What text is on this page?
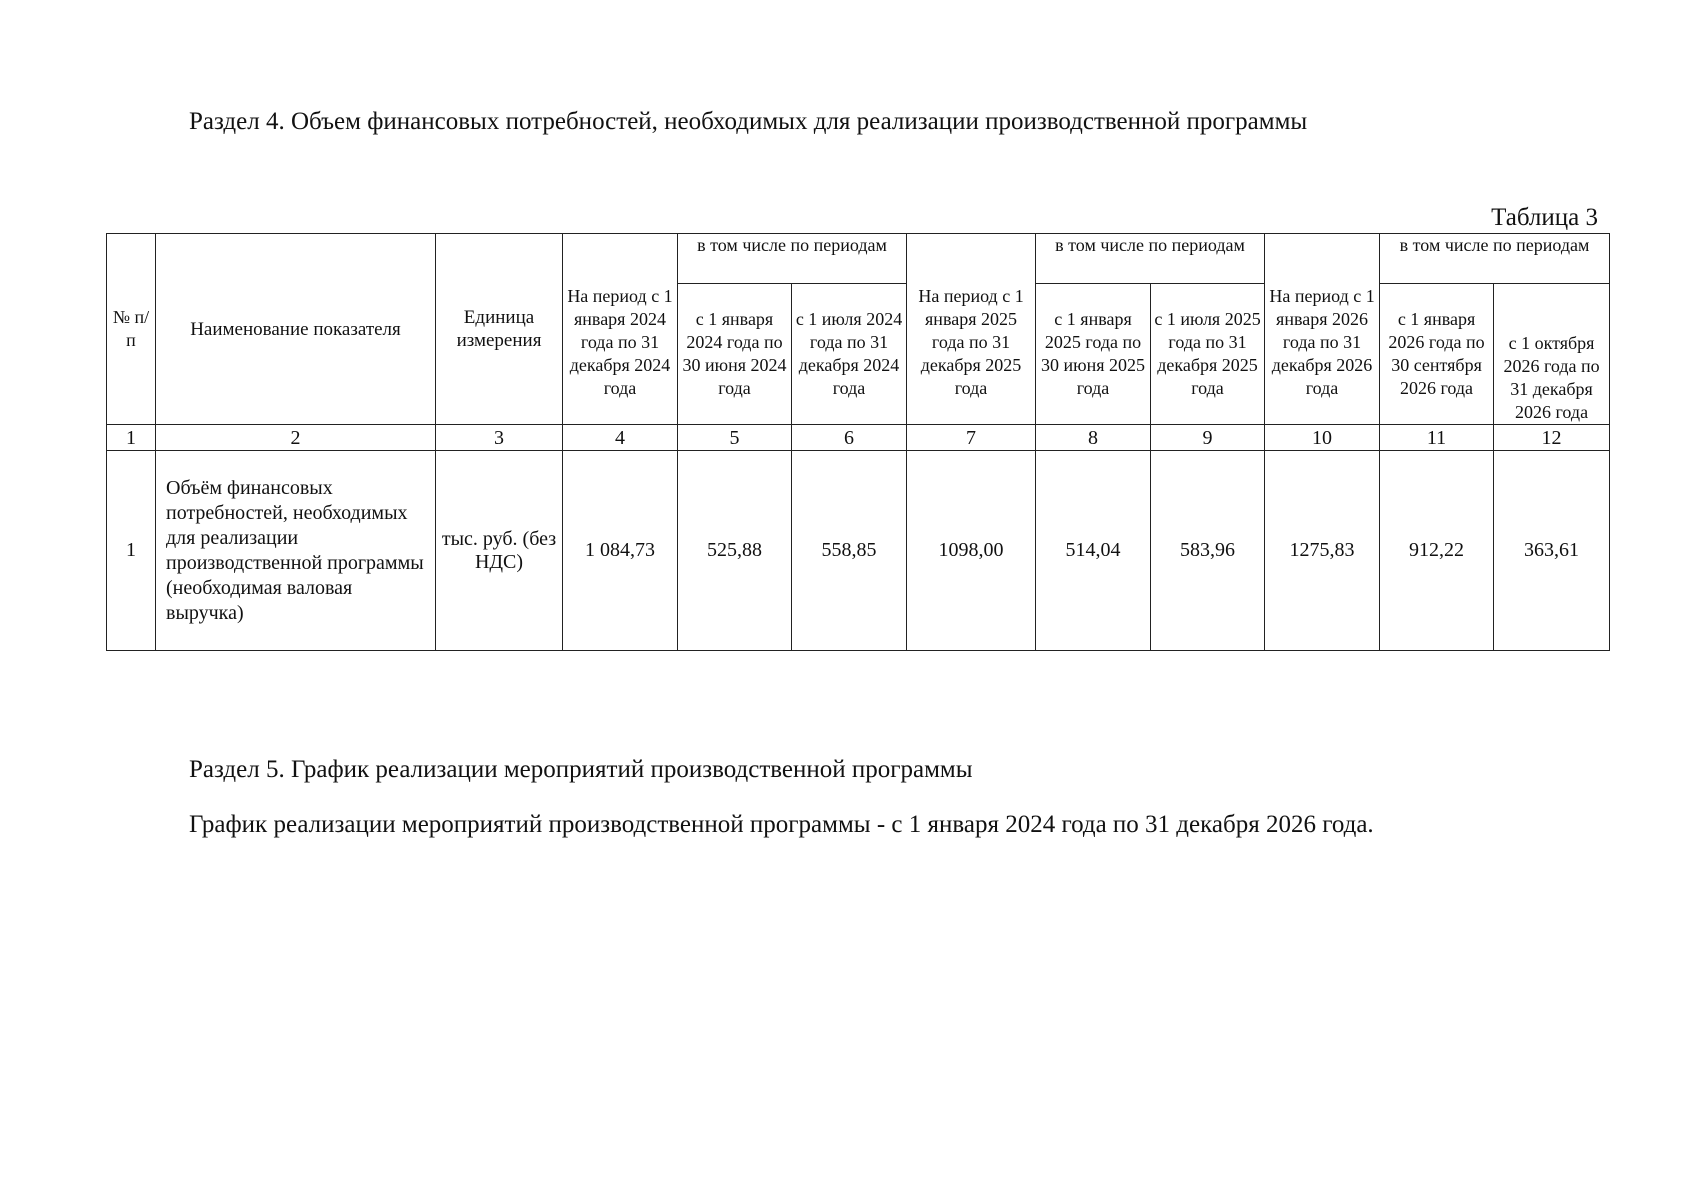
Раздел 4. Объем финансовых потребностей, необходимых для реализации производственной программы
Таблица 3
№ п/п	Наименование показателя	Единица измерения	На период с 1 января 2024 года по 31 декабря 2024 года	в том числе по периодам		На период с 1 января 2025 года по 31 декабря 2025 года	в том числе по периодам		На период с 1 января 2026 года по 31 декабря 2026 года	в том числе по периодам	
				с 1 января 2024 года по 30 июня 2024 года	с 1 июля 2024 года по 31 декабря 2024 года		с 1 января 2025 года по 30 июня 2025 года	с 1 июля 2025 года по 31 декабря 2025 года		с 1 января 2026 года по 30 сентября 2026 года	с 1 октября 2026 года по 31 декабря 2026 года
1	2	3	4	5	6	7	8	9	10	11	12
1	Объём финансовых потребностей, необходимых для реализации производственной программы (необходимая валовая выручка)	тыс. руб. (без НДС)	1 084,73	525,88	558,85	1098,00	514,04	583,96	1275,83	912,22	363,61
Раздел 5. График реализации мероприятий производственной программы
График реализации мероприятий производственной программы - с 1 января 2024 года по 31 декабря 2026 года.
